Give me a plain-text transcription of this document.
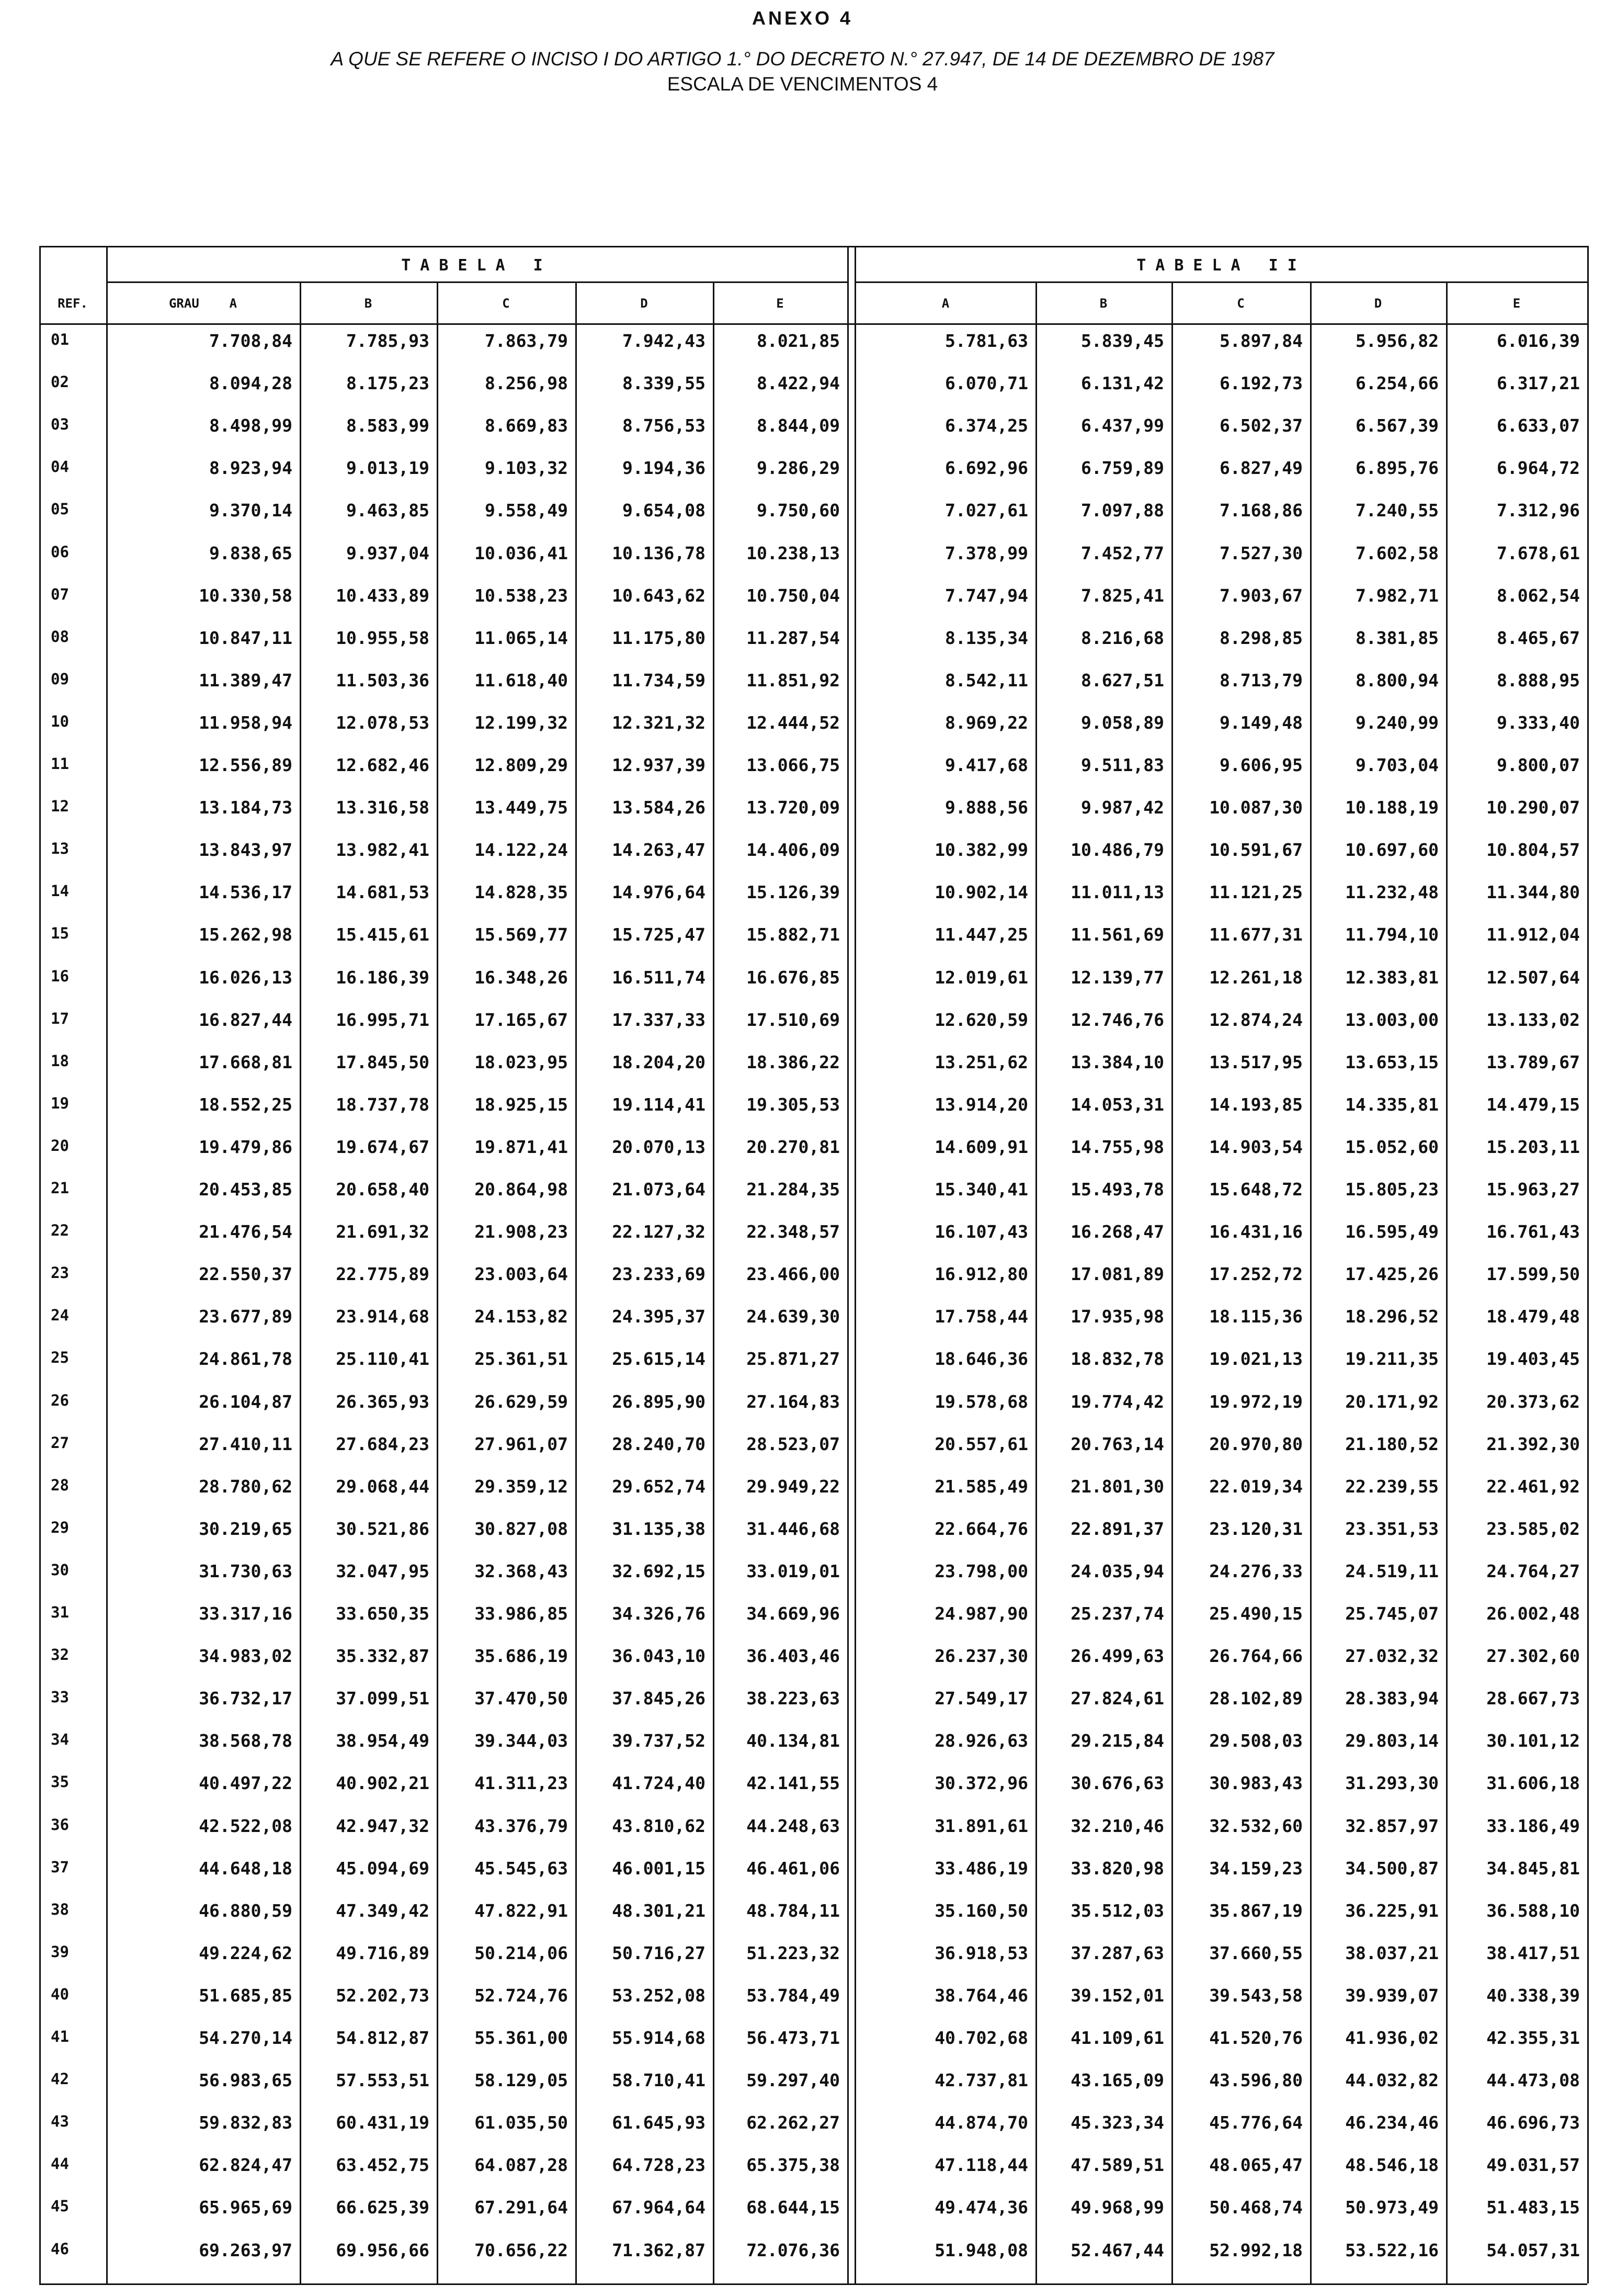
ANEXO 4
A QUE SE REFERE O INCISO I DO ARTIGO 1.° DO DECRETO N.° 27.947, DE 14 DE DEZEMBRO DE 1987
ESCALA DE VENCIMENTOS 4
TABELA I	TABELA II
REF.	GRAU    A	B	C	D	E	A	B	C	D	E
01	7.708,84	7.785,93	7.863,79	7.942,43	8.021,85	5.781,63	5.839,45	5.897,84	5.956,82	6.016,39
02	8.094,28	8.175,23	8.256,98	8.339,55	8.422,94	6.070,71	6.131,42	6.192,73	6.254,66	6.317,21
03	8.498,99	8.583,99	8.669,83	8.756,53	8.844,09	6.374,25	6.437,99	6.502,37	6.567,39	6.633,07
04	8.923,94	9.013,19	9.103,32	9.194,36	9.286,29	6.692,96	6.759,89	6.827,49	6.895,76	6.964,72
05	9.370,14	9.463,85	9.558,49	9.654,08	9.750,60	7.027,61	7.097,88	7.168,86	7.240,55	7.312,96
06	9.838,65	9.937,04	10.036,41	10.136,78	10.238,13	7.378,99	7.452,77	7.527,30	7.602,58	7.678,61
07	10.330,58	10.433,89	10.538,23	10.643,62	10.750,04	7.747,94	7.825,41	7.903,67	7.982,71	8.062,54
08	10.847,11	10.955,58	11.065,14	11.175,80	11.287,54	8.135,34	8.216,68	8.298,85	8.381,85	8.465,67
09	11.389,47	11.503,36	11.618,40	11.734,59	11.851,92	8.542,11	8.627,51	8.713,79	8.800,94	8.888,95
10	11.958,94	12.078,53	12.199,32	12.321,32	12.444,52	8.969,22	9.058,89	9.149,48	9.240,99	9.333,40
11	12.556,89	12.682,46	12.809,29	12.937,39	13.066,75	9.417,68	9.511,83	9.606,95	9.703,04	9.800,07
12	13.184,73	13.316,58	13.449,75	13.584,26	13.720,09	9.888,56	9.987,42	10.087,30	10.188,19	10.290,07
13	13.843,97	13.982,41	14.122,24	14.263,47	14.406,09	10.382,99	10.486,79	10.591,67	10.697,60	10.804,57
14	14.536,17	14.681,53	14.828,35	14.976,64	15.126,39	10.902,14	11.011,13	11.121,25	11.232,48	11.344,80
15	15.262,98	15.415,61	15.569,77	15.725,47	15.882,71	11.447,25	11.561,69	11.677,31	11.794,10	11.912,04
16	16.026,13	16.186,39	16.348,26	16.511,74	16.676,85	12.019,61	12.139,77	12.261,18	12.383,81	12.507,64
17	16.827,44	16.995,71	17.165,67	17.337,33	17.510,69	12.620,59	12.746,76	12.874,24	13.003,00	13.133,02
18	17.668,81	17.845,50	18.023,95	18.204,20	18.386,22	13.251,62	13.384,10	13.517,95	13.653,15	13.789,67
19	18.552,25	18.737,78	18.925,15	19.114,41	19.305,53	13.914,20	14.053,31	14.193,85	14.335,81	14.479,15
20	19.479,86	19.674,67	19.871,41	20.070,13	20.270,81	14.609,91	14.755,98	14.903,54	15.052,60	15.203,11
21	20.453,85	20.658,40	20.864,98	21.073,64	21.284,35	15.340,41	15.493,78	15.648,72	15.805,23	15.963,27
22	21.476,54	21.691,32	21.908,23	22.127,32	22.348,57	16.107,43	16.268,47	16.431,16	16.595,49	16.761,43
23	22.550,37	22.775,89	23.003,64	23.233,69	23.466,00	16.912,80	17.081,89	17.252,72	17.425,26	17.599,50
24	23.677,89	23.914,68	24.153,82	24.395,37	24.639,30	17.758,44	17.935,98	18.115,36	18.296,52	18.479,48
25	24.861,78	25.110,41	25.361,51	25.615,14	25.871,27	18.646,36	18.832,78	19.021,13	19.211,35	19.403,45
26	26.104,87	26.365,93	26.629,59	26.895,90	27.164,83	19.578,68	19.774,42	19.972,19	20.171,92	20.373,62
27	27.410,11	27.684,23	27.961,07	28.240,70	28.523,07	20.557,61	20.763,14	20.970,80	21.180,52	21.392,30
28	28.780,62	29.068,44	29.359,12	29.652,74	29.949,22	21.585,49	21.801,30	22.019,34	22.239,55	22.461,92
29	30.219,65	30.521,86	30.827,08	31.135,38	31.446,68	22.664,76	22.891,37	23.120,31	23.351,53	23.585,02
30	31.730,63	32.047,95	32.368,43	32.692,15	33.019,01	23.798,00	24.035,94	24.276,33	24.519,11	24.764,27
31	33.317,16	33.650,35	33.986,85	34.326,76	34.669,96	24.987,90	25.237,74	25.490,15	25.745,07	26.002,48
32	34.983,02	35.332,87	35.686,19	36.043,10	36.403,46	26.237,30	26.499,63	26.764,66	27.032,32	27.302,60
33	36.732,17	37.099,51	37.470,50	37.845,26	38.223,63	27.549,17	27.824,61	28.102,89	28.383,94	28.667,73
34	38.568,78	38.954,49	39.344,03	39.737,52	40.134,81	28.926,63	29.215,84	29.508,03	29.803,14	30.101,12
35	40.497,22	40.902,21	41.311,23	41.724,40	42.141,55	30.372,96	30.676,63	30.983,43	31.293,30	31.606,18
36	42.522,08	42.947,32	43.376,79	43.810,62	44.248,63	31.891,61	32.210,46	32.532,60	32.857,97	33.186,49
37	44.648,18	45.094,69	45.545,63	46.001,15	46.461,06	33.486,19	33.820,98	34.159,23	34.500,87	34.845,81
38	46.880,59	47.349,42	47.822,91	48.301,21	48.784,11	35.160,50	35.512,03	35.867,19	36.225,91	36.588,10
39	49.224,62	49.716,89	50.214,06	50.716,27	51.223,32	36.918,53	37.287,63	37.660,55	38.037,21	38.417,51
40	51.685,85	52.202,73	52.724,76	53.252,08	53.784,49	38.764,46	39.152,01	39.543,58	39.939,07	40.338,39
41	54.270,14	54.812,87	55.361,00	55.914,68	56.473,71	40.702,68	41.109,61	41.520,76	41.936,02	42.355,31
42	56.983,65	57.553,51	58.129,05	58.710,41	59.297,40	42.737,81	43.165,09	43.596,80	44.032,82	44.473,08
43	59.832,83	60.431,19	61.035,50	61.645,93	62.262,27	44.874,70	45.323,34	45.776,64	46.234,46	46.696,73
44	62.824,47	63.452,75	64.087,28	64.728,23	65.375,38	47.118,44	47.589,51	48.065,47	48.546,18	49.031,57
45	65.965,69	66.625,39	67.291,64	67.964,64	68.644,15	49.474,36	49.968,99	50.468,74	50.973,49	51.483,15
46	69.263,97	69.956,66	70.656,22	71.362,87	72.076,36	51.948,08	52.467,44	52.992,18	53.522,16	54.057,31
